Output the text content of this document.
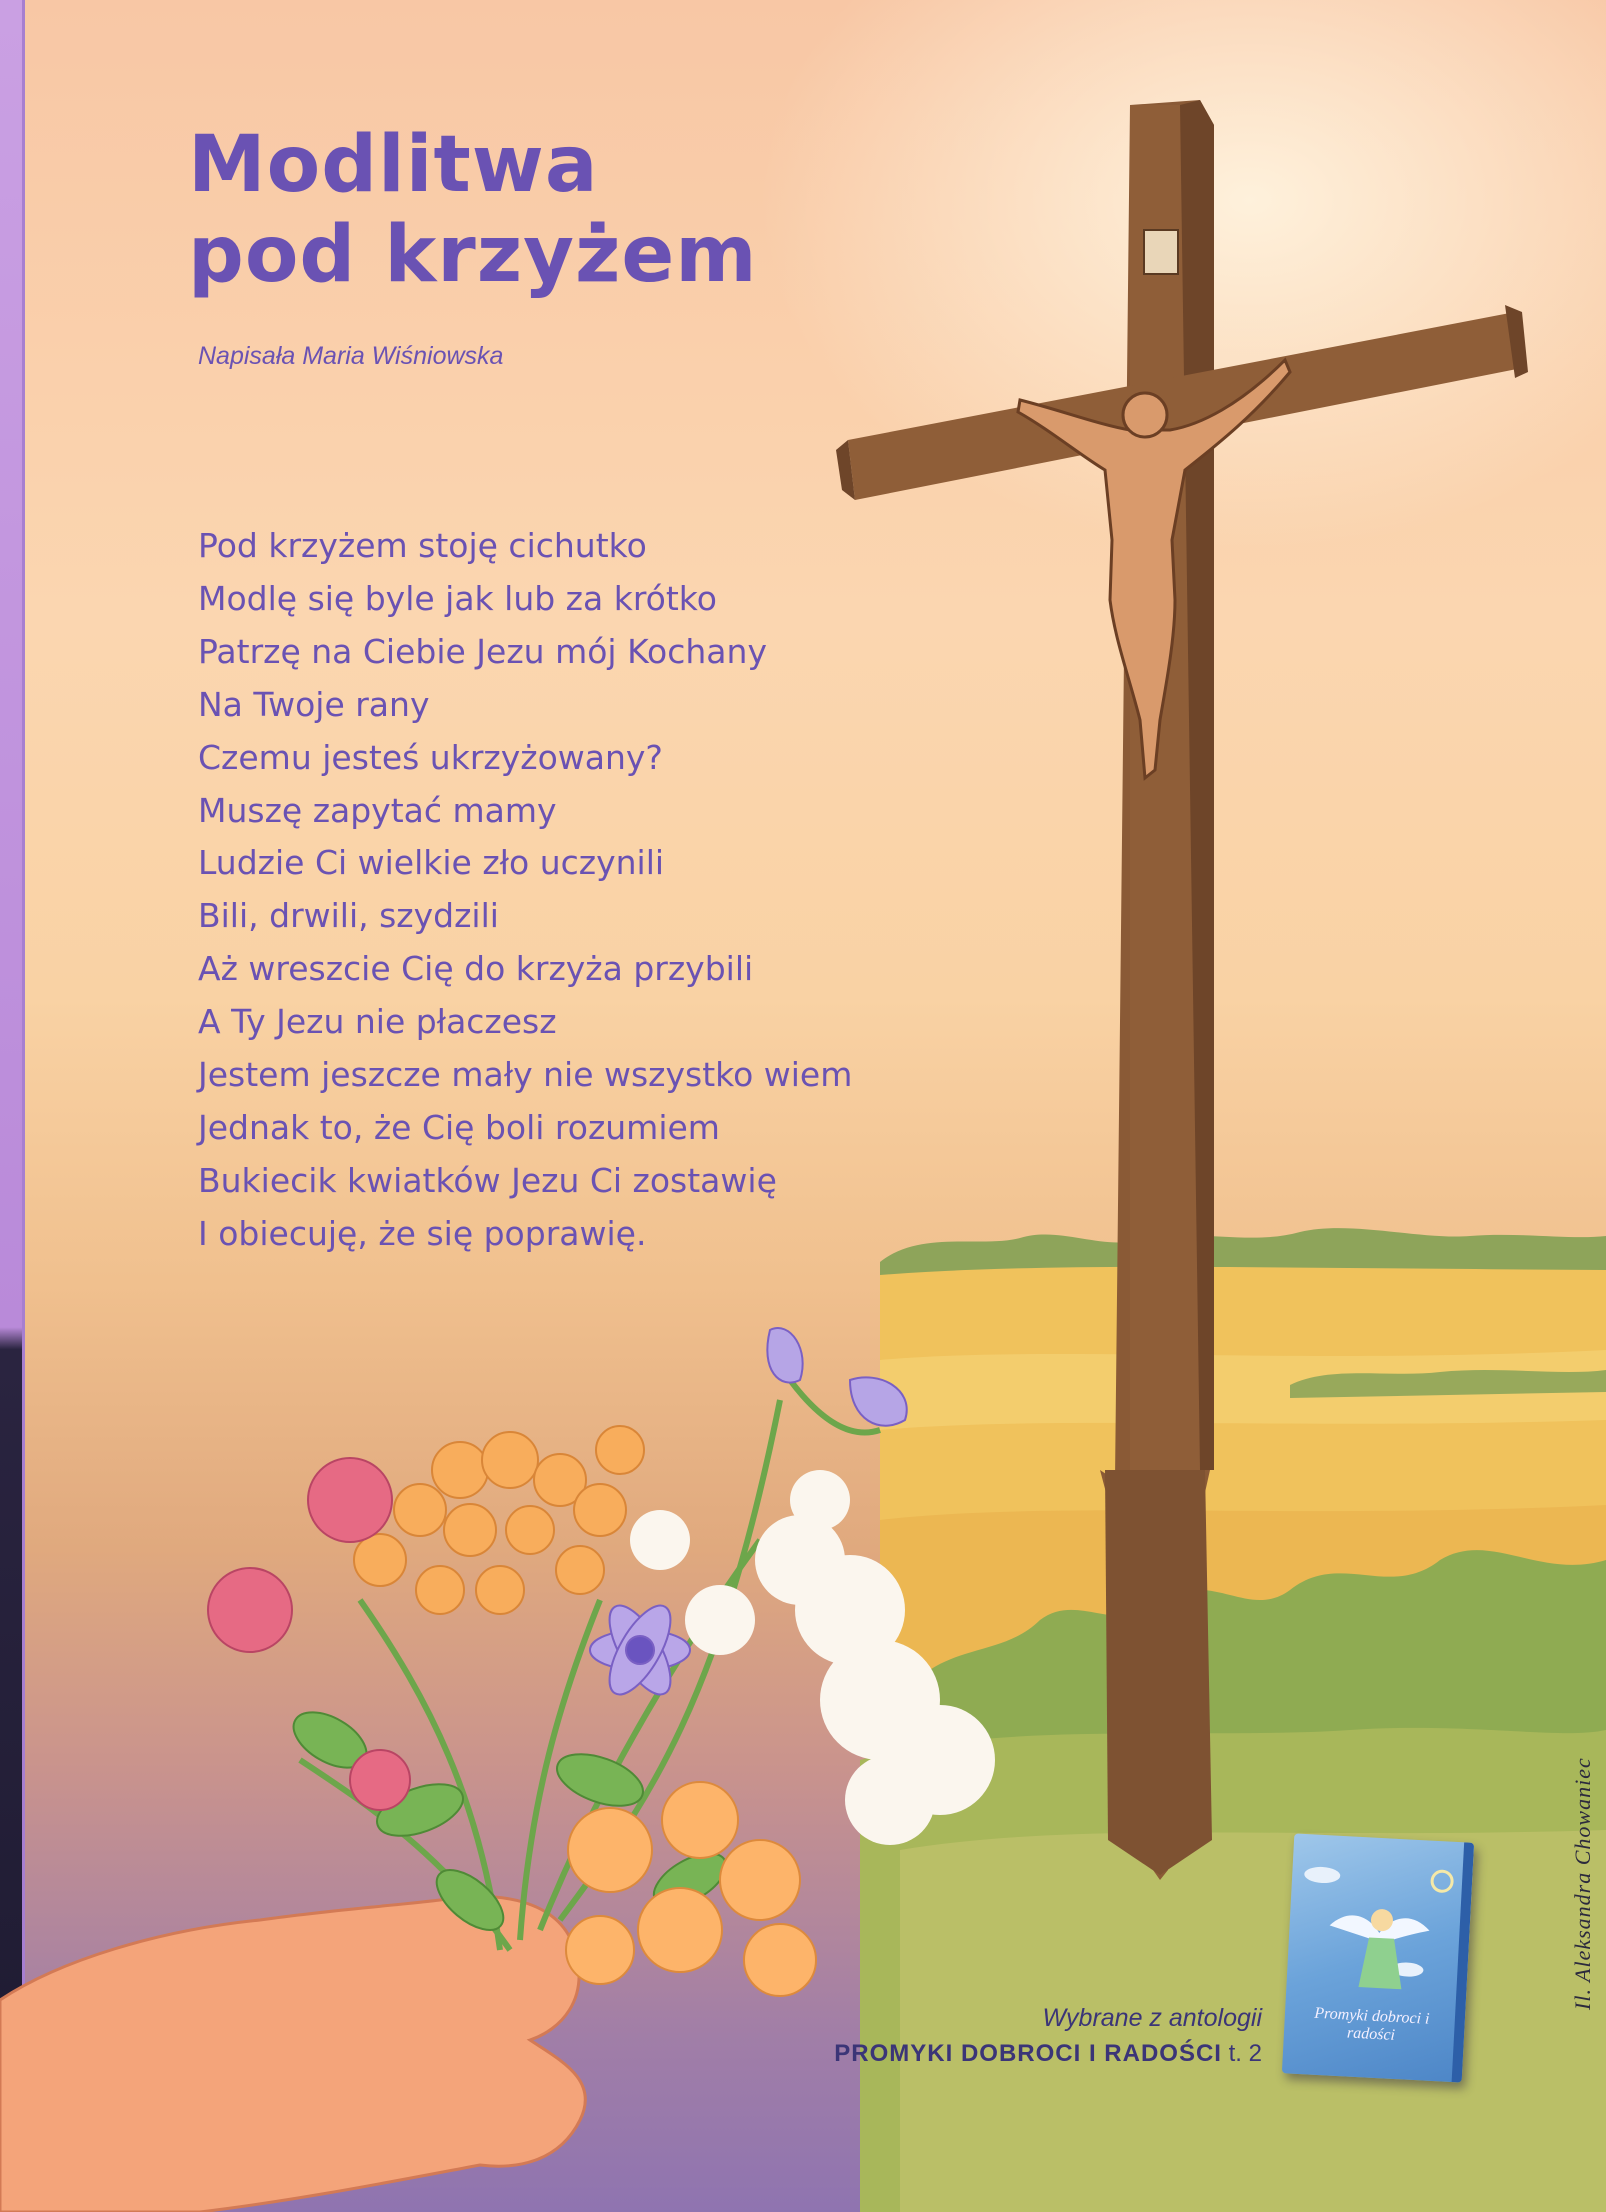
Modlitwa
pod krzyżem
Napisała Maria Wiśniowska
Pod krzyżem stoję cichutko
Modlę się byle jak lub za krótko
Patrzę na Ciebie Jezu mój Kochany
Na Twoje rany
Czemu jesteś ukrzyżowany?
Muszę zapytać mamy
Ludzie Ci wielkie zło uczynili
Bili, drwili, szydzili
Aż wreszcie Cię do krzyża przybili
A Ty Jezu nie płaczesz
Jestem jeszcze mały nie wszystko wiem
Jednak to, że Cię boli rozumiem
Bukiecik kwiatków Jezu Ci zostawię
I obiecuję, że się poprawię.
Wybrane z antologii
PROMYKI DOBROCI I RADOŚCI t. 2
Promyki dobroci i radości
Il. Aleksandra Chowaniec
